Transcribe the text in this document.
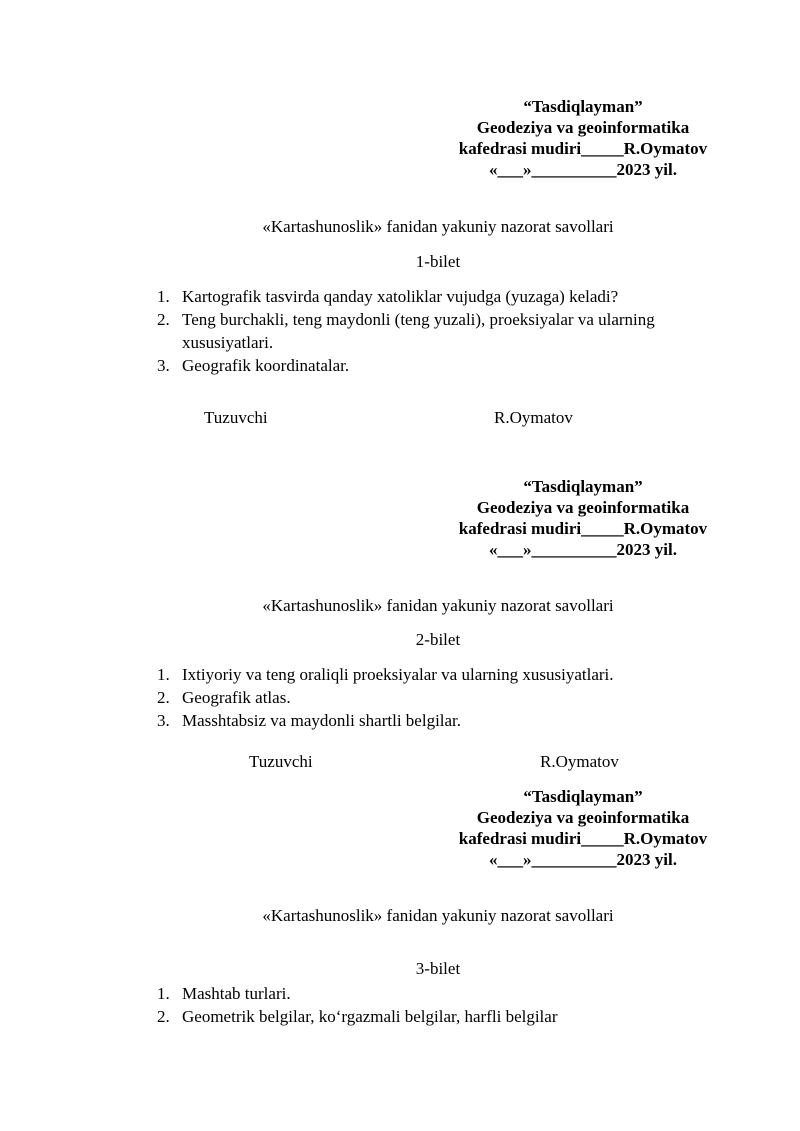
“Tasdiqlayman”
Geodeziya va geoinformatika
kafedrasi mudiri_____R.Oymatov
«___»__________2023 yil.
«Kartashunoslik» fanidan yakuniy nazorat savollari
1-bilet
1. Kartografik tasvirda qanday xatoliklar vujudga (yuzaga) keladi?
2. Teng burchakli, teng maydonli (teng yuzali), proeksiyalar va ularning xususiyatlari.
3. Geografik koordinatalar.
Tuzuvchi	R.Oymatov
“Tasdiqlayman”
Geodeziya va geoinformatika
kafedrasi mudiri_____R.Oymatov
«___»__________2023 yil.
«Kartashunoslik» fanidan yakuniy nazorat savollari
2-bilet
1. Ixtiyoriy va teng oraliqli proeksiyalar va ularning xususiyatlari.
2. Geografik atlas.
3. Masshtabsiz va maydonli shartli belgilar.
Tuzuvchi	R.Oymatov
“Tasdiqlayman”
Geodeziya va geoinformatika
kafedrasi mudiri_____R.Oymatov
«___»__________2023 yil.
«Kartashunoslik» fanidan yakuniy nazorat savollari
3-bilet
1. Mashtab turlari.
2. Geometrik belgilar, koʻrgazmali belgilar, harfli belgilar
